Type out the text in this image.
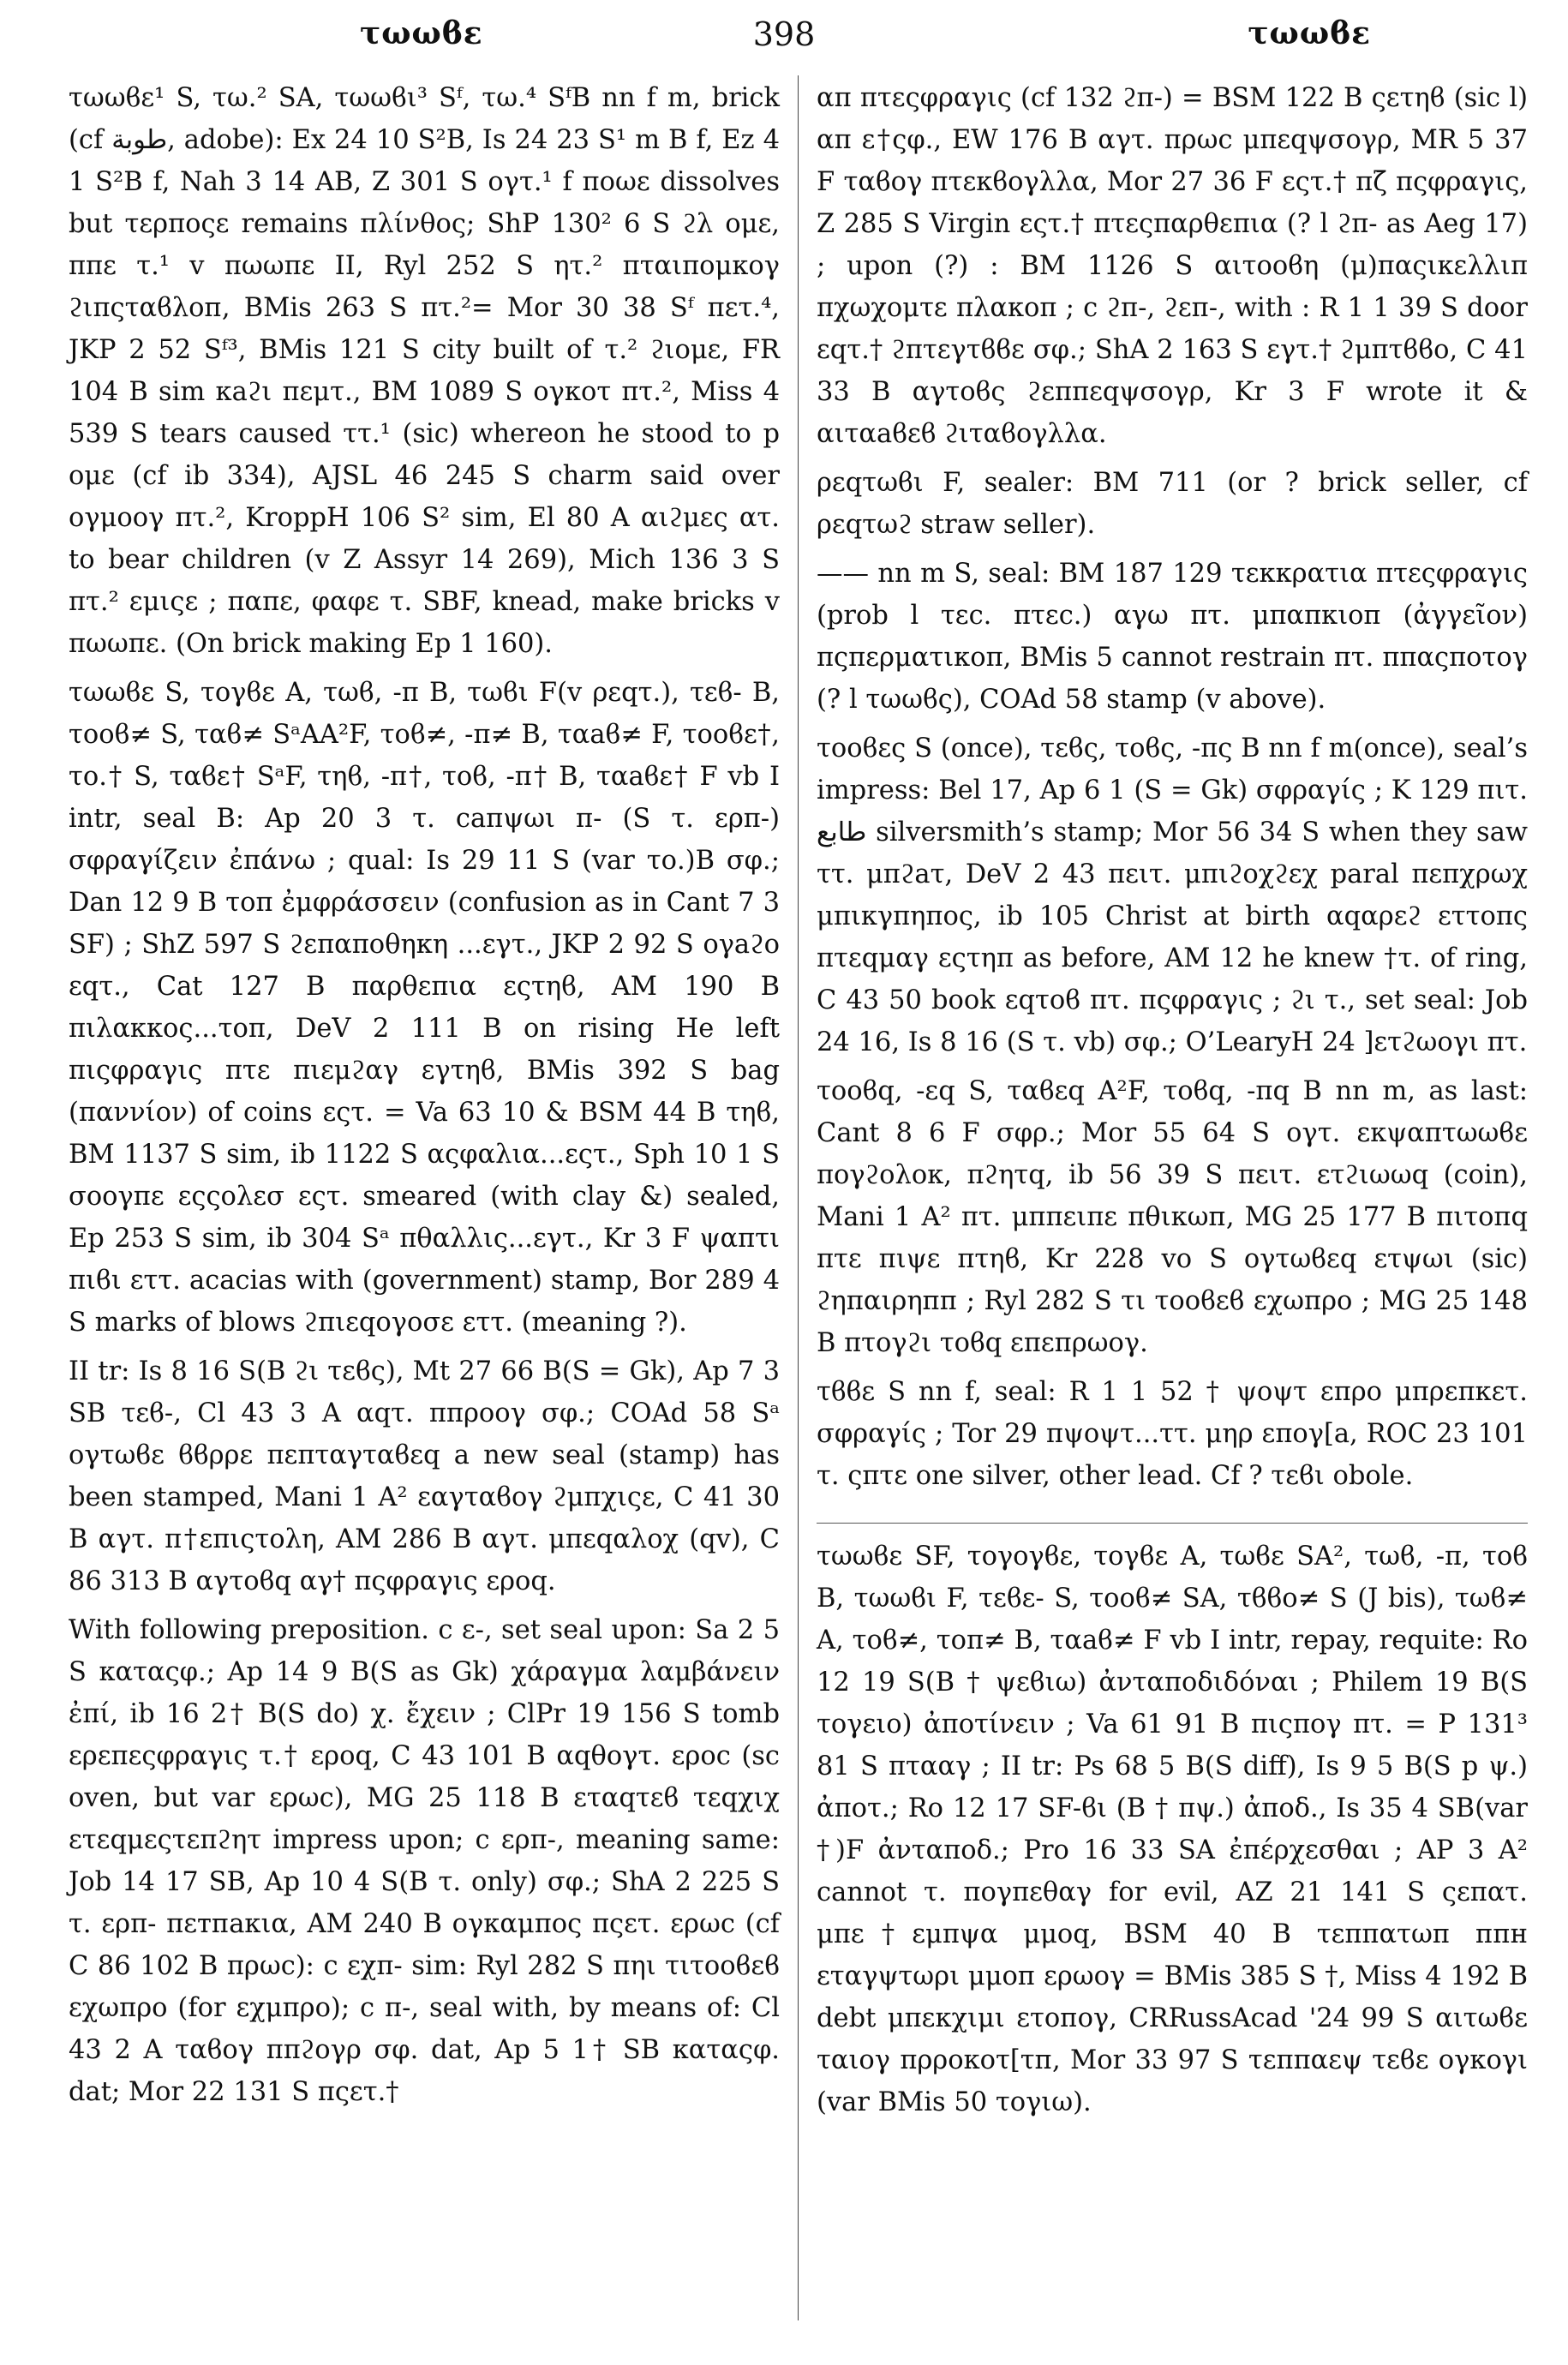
τωωϐε	398	τωωϐε

τωωϐε¹ S, τω.² SA, τωωϐι³ Sᶠ, τω.⁴ SᶠB nn f m, brick (cf طوبة, adobe): Ex 24 10 S²B, Is 24 23 S¹ m B f, Ez 4 1 S²B f, Nah 3 14 AB, Z 301 S ογτ.¹ f ποωε dissolves but τερποςε remains πλίνθος; ShP 130² 6 S ϩλ ομε, ππε τ.¹ v πωωπε II, Ryl 252 S ητ.² πταιπομκογ ϩιπςταϐλοп, BMis 263 S πτ.²= Mor 30 38 Sᶠ πετ.⁴, JKP 2 52 Sᶠ³, BMis 121 S city built of τ.² ϩιομε, FR 104 B sim κaϩι πεμτ., BM 1089 S ογκοτ πτ.², Miss 4 539 S tears caused ττ.¹ (sic) whereon he stood to p ομε (cf ib 334), AJSL 46 245 S charm said over ογμοογ πτ.², KroppH 106 S² sim, El 80 A αιϩμες ατ. to bear children (v Z Assyr 14 269), Mich 136 3 S πτ.² εμιςε ; παπε, φαφε τ. SBF, knead, make bricks v πωωπε. (On brick making Ep 1 160).

τωωϐε S, τογϐε A, τωϐ, -π B, τωϐι F(v ρεqτ.), τεϐ- B, τοοϐ≠ S, ταϐ≠ SᵃAA²F, τοϐ≠, -π≠ B, ταaϐ≠ F, τοοϐε†, το.† S, ταϐε† SᵃF, τηϐ, -π†, τοϐ, -π† B, ταaϐε† F vb I intr, seal B: Ap 20 3 τ. caπψωι π- (S τ. ερπ-) σφραγίζειν ἐπάνω ; qual: Is 29 11 S (var το.)B σφ.; Dan 12 9 B τοπ ἐμφράσσειν (confusion as in Cant 7 3 SF) ; ShZ 597 S ϩεπαποθηκη ...εγτ., JKP 2 92 S ογaϩo εqτ., Cat 127 B παρθεπια εςτηϐ, AM 190 B πιλακκος...τοπ, DeV 2 111 B on rising He left πιςφραγις πτε πιεμϩαγ εγτηϐ, BMis 392 S bag (παννίον) of coins εςτ. = Va 63 10 & BSM 44 B τηϐ, BM 1137 S sim, ib 1122 S αςφαλια...εςτ., Sph 10 1 S σοογπε εςςολεσ εςτ. smeared (with clay &) sealed, Ep 253 S sim, ib 304 Sᵃ πθαλλις...εγτ., Kr 3 F ψαπτι πιϐι εττ. acacias with (government) stamp, Bor 289 4 S marks of blows ϩπιεqογοσε εττ. (meaning ?).

II tr: Is 8 16 S(B ϩι τεϐς), Mt 27 66 B(S = Gk), Ap 7 3 SB τεϐ-, Cl 43 3 A αqτ. ππροογ σφ.; COAd 58 Sᵃ ογτωϐε ϐϐρρε πεπταγταϐεq a new seal (stamp) has been stamped, Mani 1 A² εαγταϐογ ϩμπχιςε, C 41 30 B αγτ. π†επιςτολη, AM 286 B αγτ. μπεqαλοχ (qv), C 86 313 B αγτοϐq αγ† πςφραγις εροq.

With following preposition. c ε-, set seal upon: Sa 2 5 S καταςφ.; Ap 14 9 B(S as Gk) χάραγμα λαμβάνειν ἐπί, ib 16 2† B(S do) χ. ἔχειν ; ClPr 19 156 S tomb ερεπεςφραγις τ.† εροq, C 43 101 B αqθογτ. εροc (sc oven, but var ερωc), MG 25 118 B εταqτεϐ τεqχιχ ετεqμεςτεπϩητ impress upon; c ερπ-, meaning same: Job 14 17 SB, Ap 10 4 S(B τ. only) σφ.; ShA 2 225 S τ. ερπ- πεтпакια, AM 240 B ογκαμπος πςετ. ερωc (cf C 86 102 B πρωc): c εχπ- sim: Ryl 282 S πηι τιτοοϐεϐ εχωπρο (for εχμπρο); c π-, seal with, by means of: Cl 43 2 A ταϐογ ππϩογρ σφ. dat, Ap 5 1† SB καταςφ. dat; Mor 22 131 S πςετ.†

απ πτεςφραγις (cf 132 ϩπ-) = BSM 122 B ςετηϐ (sic l) απ ε†ςφ., EW 176 B αγτ. πρωc μπεqψσογρ, MR 5 37 F ταϐογ πτεκϐογλλα, Mor 27 36 F εςτ.† πζ̄ πςφραγις, Z 285 S Virgin εςτ.† πτεςπαρθεπια (? l ϩπ- as Aeg 17) ; upon (?) : BM 1126 S αιτοοϐη (μ)παςικελλιπ πχωχομτε πλακοπ ; c ϩπ-, ϩεπ-, with : R 1 1 39 S door εqτ.† ϩπτεγτϐϐε σφ.; ShA 2 163 S εγτ.† ϩμπτϐϐο, C 41 33 B αγτοϐς ϩεππεqψσογρ, Kr 3 F wrote it & αιταaϐεϐ ϩιταϐογλλα.

ρεqτωϐι F, sealer: BM 711 (or ? brick seller, cf ρεqτωϩ straw seller).

—— nn m S, seal: BM 187 129 τεκκρατια πτεςφραγις (prob l τεc. πτεс.) αγω πτ. μπαπκιοп (ἀγγεῖον) πςπερματικοπ, BMis 5 cannot restrain πτ. ππαςποτογ (? l τωωϐς), COAd 58 stamp (v above).

τοοϐες S (once), τεϐς, τοϐς, -πς B nn f m(once), seal’s impress: Bel 17, Ap 6 1 (S = Gk) σφραγίς ; K 129 πιτ. طابع silversmith’s stamp; Mor 56 34 S when they saw ττ. μπϩaτ, DeV 2 43 πειτ. μπιϩοχϩεχ paral πεπχρωχ μπικγπηπος, ib 105 Christ at birth αqαρεϩ εττοπς πτεqμαγ εςτηπ as before, AM 12 he knew †τ. of ring, C 43 50 book εqτοϐ πτ. πςφραγις ; ϩι τ., set seal: Job 24 16, Is 8 16 (S τ. vb) σφ.; O’LearyH 24 ]ετϩωογι πτ.

τοοϐq, -εq S, ταϐεq A²F, τοϐq, -πq B nn m, as last: Cant 8 6 F σφρ.; Mor 55 64 S ογτ. εκψαπτωωϐε πογϩολοκ, πϩητq, ib 56 39 S πειτ. ετϩιωωq (coin), Mani 1 A² πτ. μππειπε πθικωп, MG 25 177 B πιτοπq πτε πιψε πτηϐ, Kr 228 vo S ογτωϐεq ετψωι (sic) ϩηπαιρηпп ; Ryl 282 S τι τοοϐεϐ εχωπρο ; MG 25 148 B πτογϩι τοϐq επεπρωογ.

τϐϐε S nn f, seal: R 1 1 52 † ψοψτ επρο μπρεπκετ. σφραγίς ; Tor 29 πψοψτ...ττ. μηρ επογ[a, ROC 23 101 τ. ςπτε one silver, other lead. Cf ? τεϐι obole.

τωωϐε SF, τογογϐε, τογϐε A, τωϐε SA², τωϐ, -π, τοϐ B, τωωϐι F, τεϐε- S, τοοϐ≠ SA, τϐϐο≠ S (J bis), τωϐ≠ A, τοϐ≠, τοπ≠ B, ταaϐ≠ F vb I intr, repay, requite: Ro 12 19 S(B † ψεϐιω) ἀνταποδιδόναι ; Philem 19 B(S τογειο) ἀποτίνειν ; Va 61 91 B πιςπογ πτ. = P 131³ 81 S πτααγ ; II tr: Ps 68 5 B(S diff), Is 9 5 B(S p ψ.) ἀποτ.; Ro 12 17 SF-ϐι (B † πψ.) ἀποδ., Is 35 4 SB(var †)F ἀνταποδ.; Pro 16 33 SA ἐπέρχεσθαι ; AP 3 A² cannot τ. πογπεθαγ for evil, AZ 21 141 S ςεπατ. μπε†εμπψα μμοq, BSM 40 B τεππατωп ппн εταγψτωρι μμοп ερωογ = BMis 385 S †, Miss 4 192 B debt μπεκχιμι ετοпογ, CRRussAcad '24 99 S αιτωϐε ταιογ πρροκοτ[τп, Mor 33 97 S τεππαεψ τεϐε ογκογι (var BMis 50 τογιω).
